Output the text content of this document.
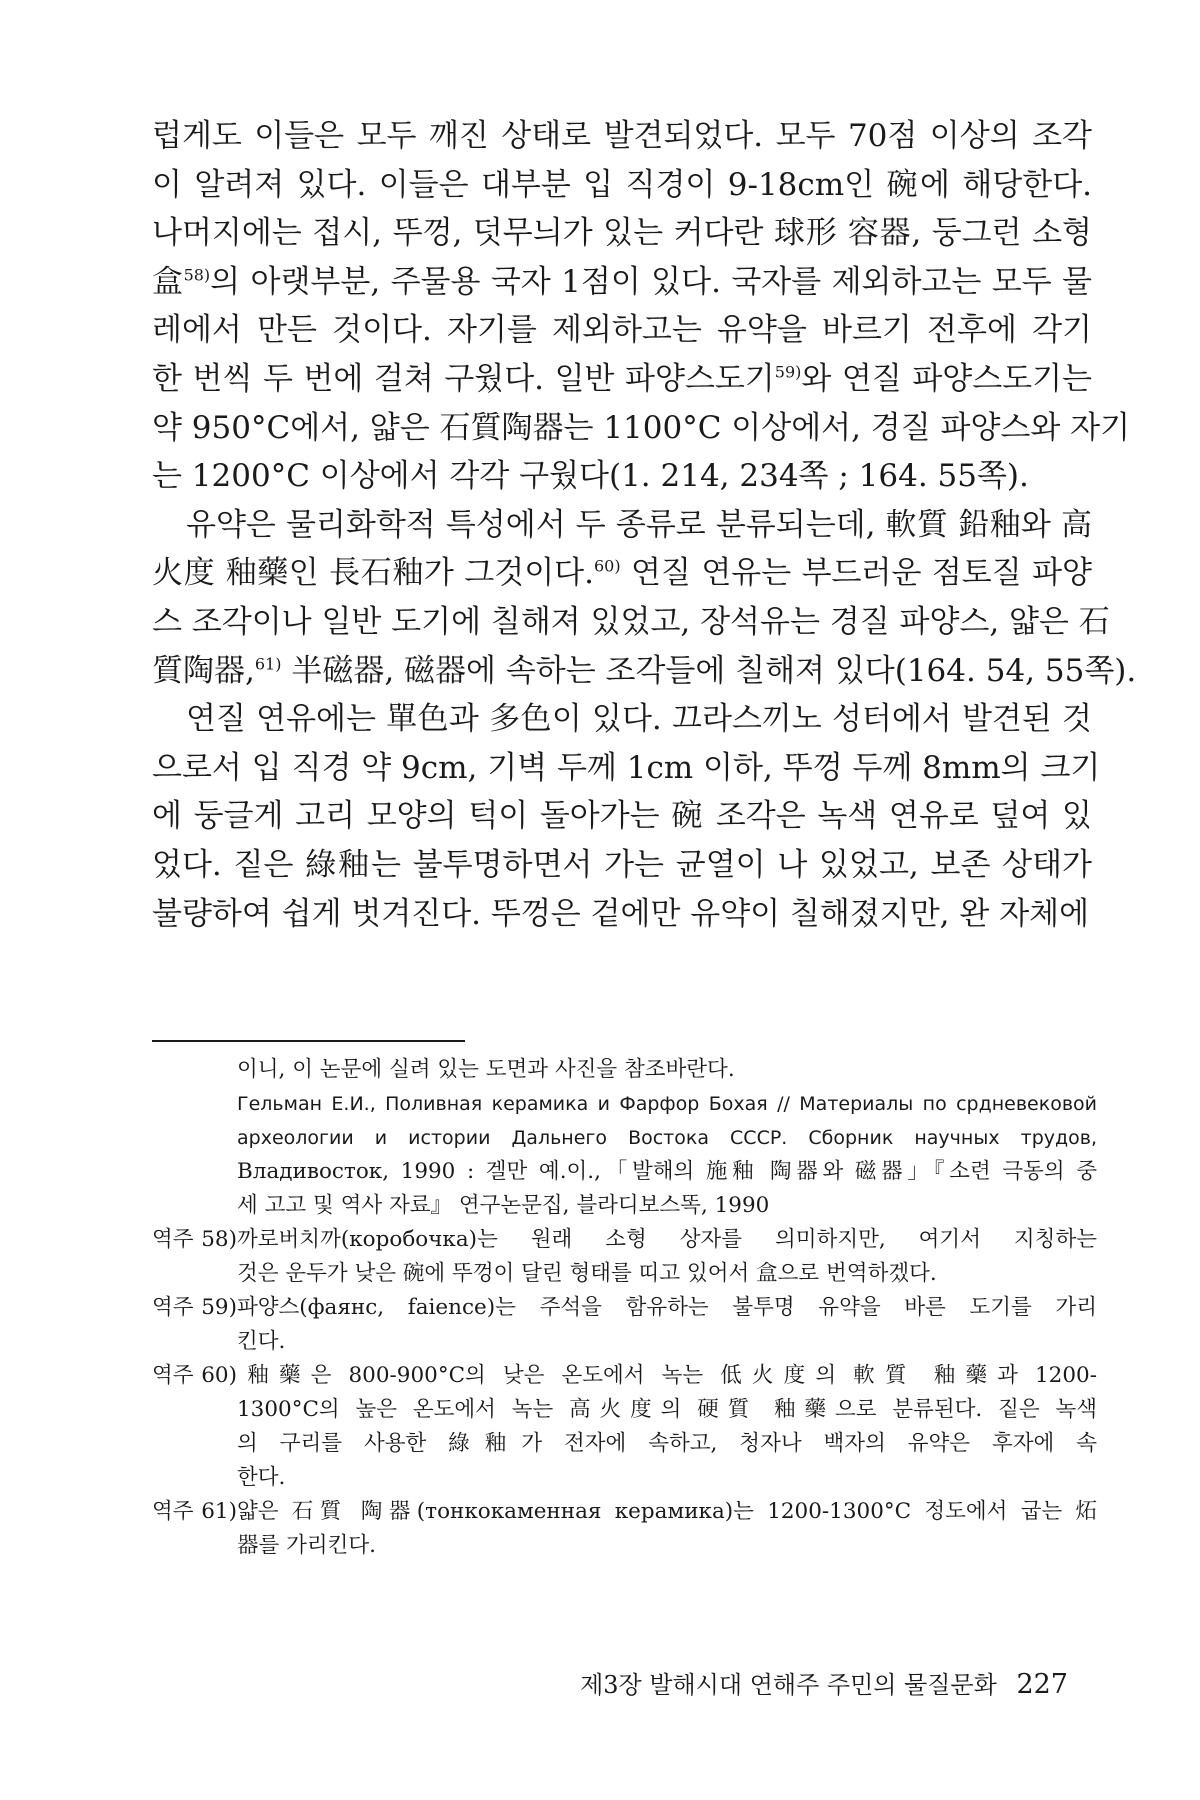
럽게도 이들은 모두 깨진 상태로 발견되었다. 모두 70점 이상의 조각
이 알려져 있다. 이들은 대부분 입 직경이 9-18cm인 碗에 해당한다.
나머지에는 접시, 뚜껑, 덧무늬가 있는 커다란 球形 容器, 둥그런 소형
盒$^{58)}$의 아랫부분, 주물용 국자 1점이 있다. 국자를 제외하고는 모두 물
레에서 만든 것이다. 자기를 제외하고는 유약을 바르기 전후에 각기
한 번씩 두 번에 걸쳐 구웠다. 일반 파양스도기$^{59)}$와 연질 파양스도기는
약 950°C에서, 얇은 石質陶器는 1100°C 이상에서, 경질 파양스와 자기
는 1200°C 이상에서 각각 구웠다(1. 214, 234쪽 ; 164. 55쪽).

유약은 물리화학적 특성에서 두 종류로 분류되는데, 軟質 鉛釉와 高
火度 釉藥인 長石釉가 그것이다.$^{60)}$ 연질 연유는 부드러운 점토질 파양
스 조각이나 일반 도기에 칠해져 있었고, 장석유는 경질 파양스, 얇은 石
質陶器,$^{61)}$ 半磁器, 磁器에 속하는 조각들에 칠해져 있다(164. 54, 55쪽).

연질 연유에는 單色과 多色이 있다. 끄라스끼노 성터에서 발견된 것
으로서 입 직경 약 9cm, 기벽 두께 1cm 이하, 뚜껑 두께 8mm의 크기
에 둥글게 고리 모양의 턱이 돌아가는 碗 조각은 녹색 연유로 덮여 있
었다. 짙은 綠釉는 불투명하면서 가는 균열이 나 있었고, 보존 상태가
불량하여 쉽게 벗겨진다. 뚜껑은 겉에만 유약이 칠해졌지만, 완 자체에

이니, 이 논문에 실려 있는 도면과 사진을 참조바란다.
Гельман Е.И., Поливная керамика и Фарфор Бохая // Материалы по срдневековой
археологии и истории Дальнего Востока СССР. Сборник научных трудов,
Владивосток, 1990 : 겔만 예.이.,「발해의 施釉 陶器와 磁器」『소련 극동의 중
세 고고 및 역사 자료』 연구논문집, 블라디보스똑, 1990
역주 58)까로버치까(коробочка)는 원래 소형 상자를 의미하지만, 여기서 지칭하는
것은 운두가 낮은 碗에 뚜껑이 달린 형태를 띠고 있어서 盒으로 번역하겠다.
역주 59)파양스(фаянс, faience)는 주석을 함유하는 불투명 유약을 바른 도기를 가리
킨다.
역주 60)釉藥은 800-900°C의 낮은 온도에서 녹는 低火度의 軟質 釉藥과 1200-
1300°C의 높은 온도에서 녹는 高火度의 硬質 釉藥으로 분류된다. 짙은 녹색
의 구리를 사용한 綠釉가 전자에 속하고, 청자나 백자의 유약은 후자에 속
한다.
역주 61)얇은 石質 陶器(тонкокаменная керамика)는 1200-1300°C 정도에서 굽는 炻
器를 가리킨다.
제3장 발해시대 연해주 주민의 물질문화 227
